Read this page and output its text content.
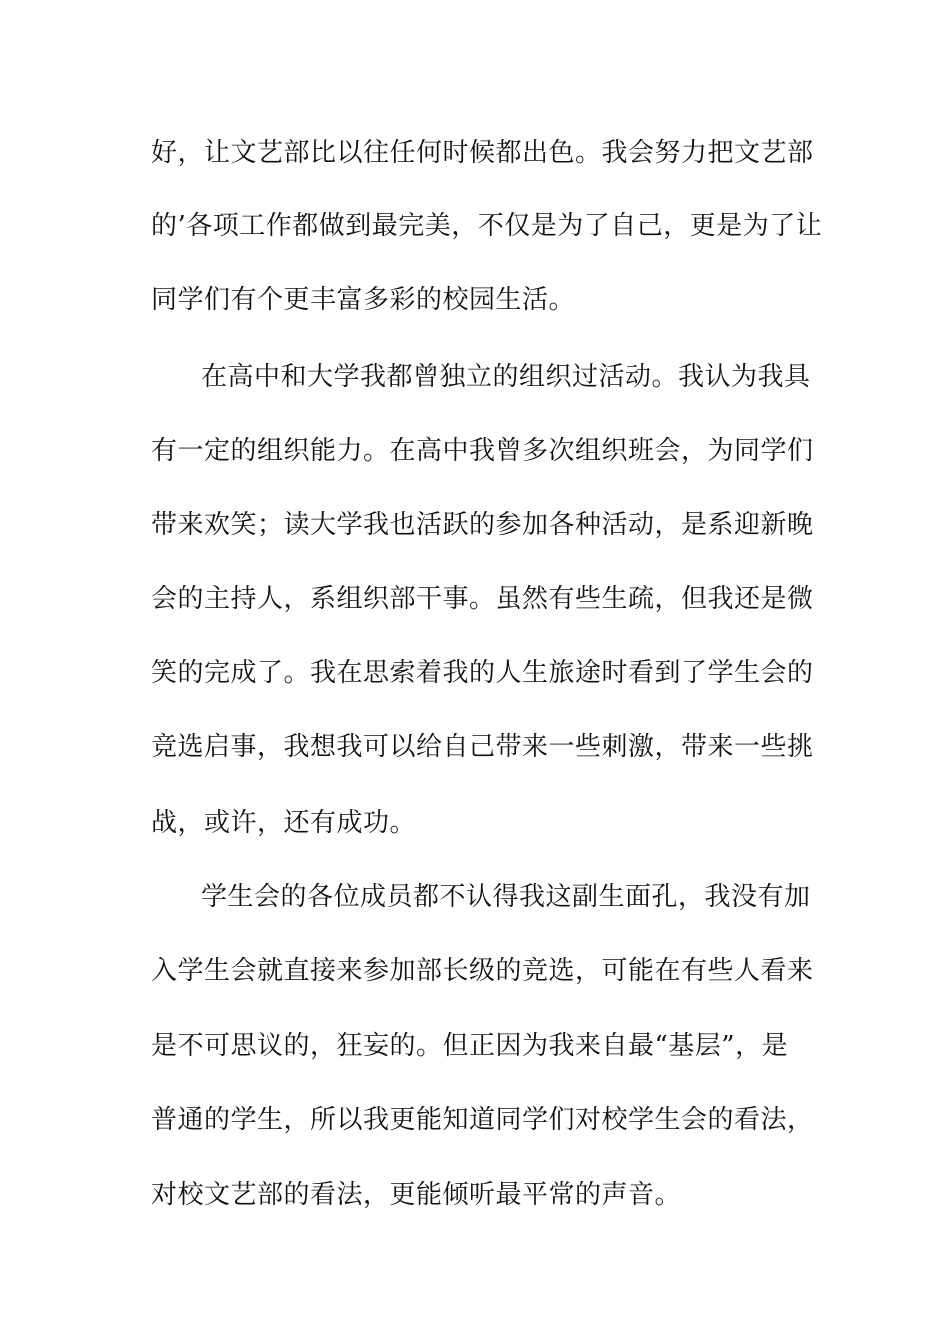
好，让文艺部比以往任何时候都出色。我会努力把文艺部
的’各项工作都做到最完美，不仅是为了自己，更是为了让
同学们有个更丰富多彩的校园生活。
在高中和大学我都曾独立的组织过活动。我认为我具
有一定的组织能力。在高中我曾多次组织班会，为同学们
带来欢笑；读大学我也活跃的参加各种活动，是系迎新晚
会的主持人，系组织部干事。虽然有些生疏，但我还是微
笑的完成了。我在思索着我的人生旅途时看到了学生会的
竞选启事，我想我可以给自己带来一些刺激，带来一些挑
战，或许，还有成功。
学生会的各位成员都不认得我这副生面孔，我没有加
入学生会就直接来参加部长级的竞选，可能在有些人看来
是不可思议的，狂妄的。但正因为我来自最“基层”，是
普通的学生，所以我更能知道同学们对校学生会的看法，
对校文艺部的看法，更能倾听最平常的声音。
